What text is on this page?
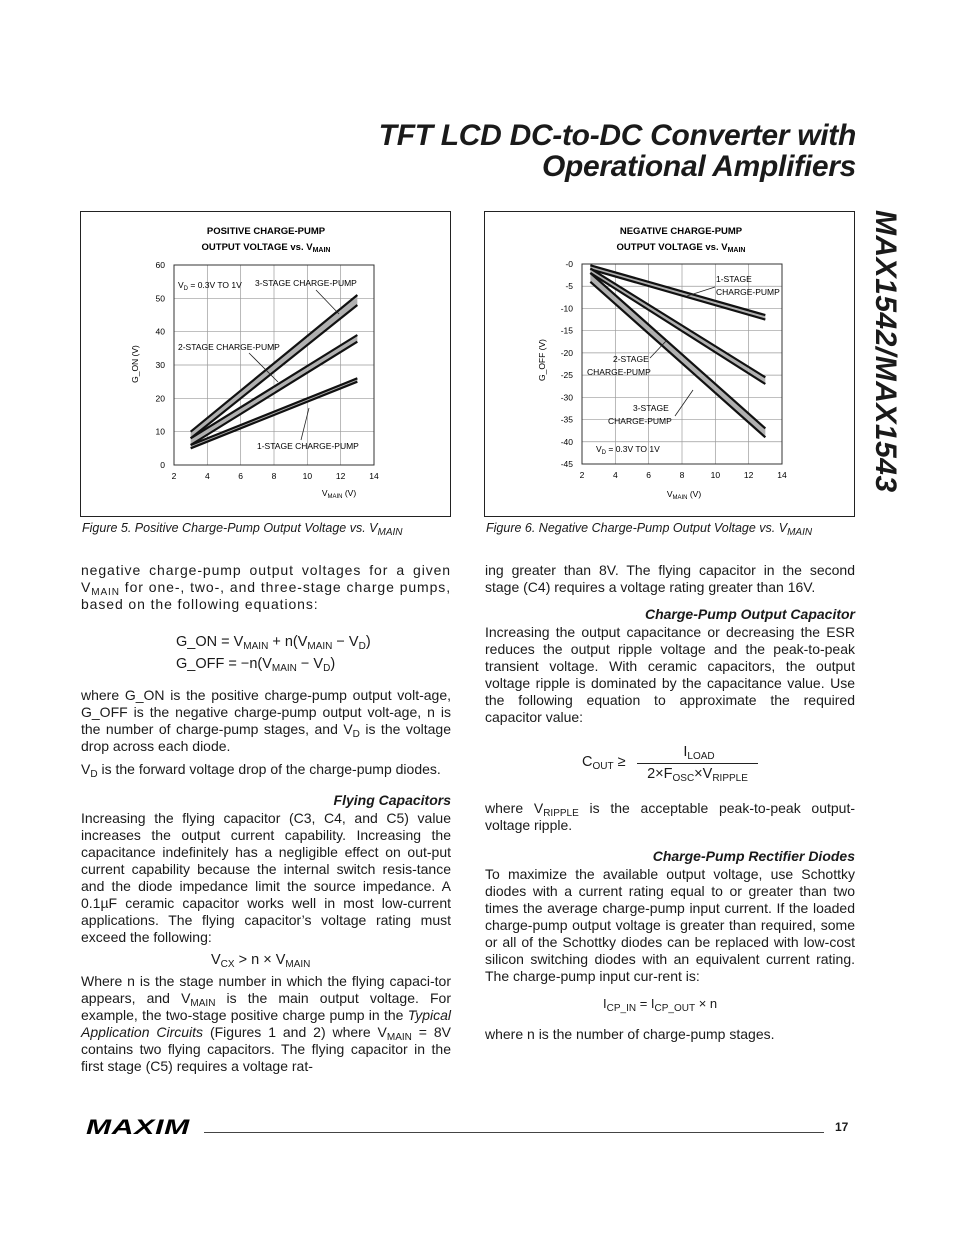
TFT LCD DC-to-DC Converter with
Operational Amplifiers
MAX1542/MAX1543
POSITIVE CHARGE-PUMP
OUTPUT VOLTAGE vs. $V_{MAIN}$
$V_{MAIN}$ (V)
G_ON (V)
2	4	6	8	10	12	14
60
50
40
30
20
10
0
$V_D = 0.3V$ TO 1V 3-STAGE CHARGE-PUMP
2-STAGE CHARGE-PUMP
1-STAGE CHARGE-PUMP
Figure 5. Positive Charge-Pump Output Voltage vs. $V_{MAIN}$
NEGATIVE CHARGE-PUMP
OUTPUT VOLTAGE vs. $V_{MAIN}$
$V_{MAIN}$ (V)
G_OFF (V)
2	4	6	8	10	12	14
-0
-5
-10
-15
-20
-25
-30
-35
-40
-45
1-STAGE
CHARGE-PUMP
2-STAGE
CHARGE-PUMP
3-STAGE
CHARGE-PUMP
$V_D = 0.3V$ TO 1V
Figure 6. Negative Charge-Pump Output Voltage vs. $V_{MAIN}$

negative charge-pump output voltages for a given $V_{MAIN}$ for one-, two-, and three-stage charge pumps, based on the following equations:

G_ON = $V_{MAIN} + n(V_{MAIN} - V_D)$
G_OFF = $-n(V_{MAIN} - V_D)$

where G_ON is the positive charge-pump output volt-age, G_OFF is the negative charge-pump output volt-age, n is the number of charge-pump stages, and $V_D$ is the voltage drop across each diode.

$V_D$ is the forward voltage drop of the charge-pump diodes.

Flying Capacitors

Increasing the flying capacitor (C3, C4, and C5) value increases the output current capability. Increasing the capacitance indefinitely has a negligible effect on out-put current capability because the internal switch resis-tance and the diode impedance limit the source impedance. A 0.1µF ceramic capacitor works well in most low-current applications. The flying capacitor’s voltage rating must exceed the following:

$V_{CX} > n \times V_{MAIN}$

Where n is the stage number in which the flying capaci-tor appears, and $V_{MAIN}$ is the main output voltage. For example, the two-stage positive charge pump in the Typical Application Circuits (Figures 1 and 2) where $V_{MAIN} = 8V$ contains two flying capacitors. The flying capacitor in the first stage (C5) requires a voltage rat-

ing greater than 8V. The flying capacitor in the second stage (C4) requires a voltage rating greater than 16V.

Charge-Pump Output Capacitor

Increasing the output capacitance or decreasing the ESR reduces the output ripple voltage and the peak-to-peak transient voltage. With ceramic capacitors, the output voltage ripple is dominated by the capacitance value. Use the following equation to approximate the required capacitor value:

$C_{OUT}$ ≥
$I_{LOAD}$
$2\times F_{OSC}\times V_{RIPPLE}$

where $V_{RIPPLE}$ is the acceptable peak-to-peak output-voltage ripple.

Charge-Pump Rectifier Diodes

To maximize the available output voltage, use Schottky diodes with a current rating equal to or greater than two times the average charge-pump input current. If the loaded charge-pump output voltage is greater than required, some or all of the Schottky diodes can be replaced with low-cost silicon switching diodes with an equivalent current rating. The charge-pump input cur-rent is:

$I_{CP\_IN} = I_{CP\_OUT} \times n$

where n is the number of charge-pump stages.

MAXIM	17
